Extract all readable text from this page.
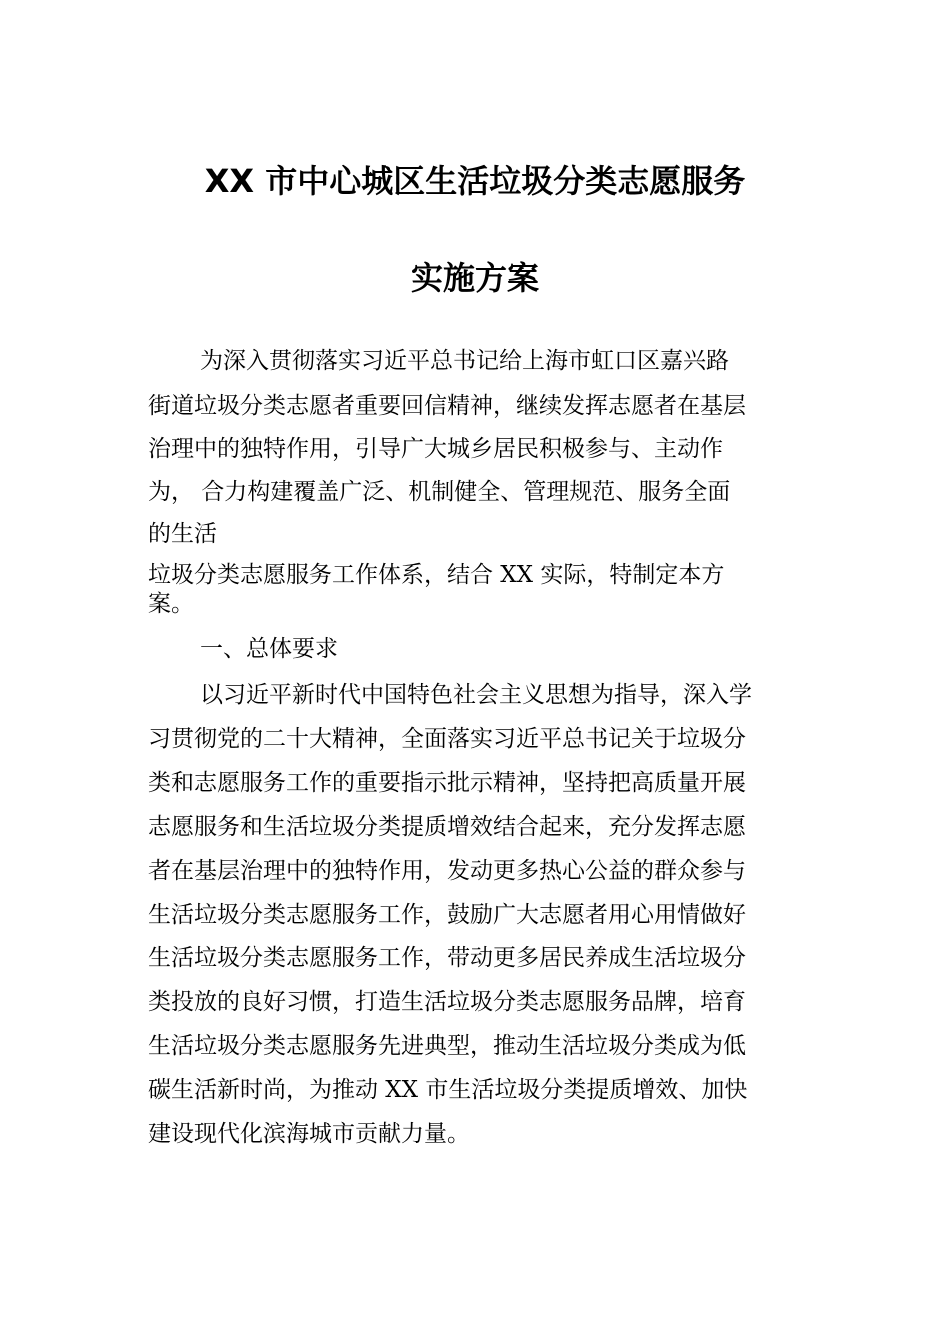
XX 市中心城区生活垃圾分类志愿服务
实施方案
为深入贯彻落实习近平总书记给上海市虹口区嘉兴路
街道垃圾分类志愿者重要回信精神，继续发挥志愿者在基层
治理中的独特作用，引导广大城乡居民积极参与、主动作
为， 合力构建覆盖广泛、机制健全、管理规范、服务全面
的生活
垃圾分类志愿服务工作体系，结合 XX 实际，特制定本方
案。
一、总体要求
以习近平新时代中国特色社会主义思想为指导，深入学
习贯彻党的二十大精神，全面落实习近平总书记关于垃圾分
类和志愿服务工作的重要指示批示精神，坚持把高质量开展
志愿服务和生活垃圾分类提质增效结合起来，充分发挥志愿
者在基层治理中的独特作用，发动更多热心公益的群众参与
生活垃圾分类志愿服务工作，鼓励广大志愿者用心用情做好
生活垃圾分类志愿服务工作，带动更多居民养成生活垃圾分
类投放的良好习惯，打造生活垃圾分类志愿服务品牌，培育
生活垃圾分类志愿服务先进典型，推动生活垃圾分类成为低
碳生活新时尚，为推动 XX 市生活垃圾分类提质增效、加快
建设现代化滨海城市贡献力量。
